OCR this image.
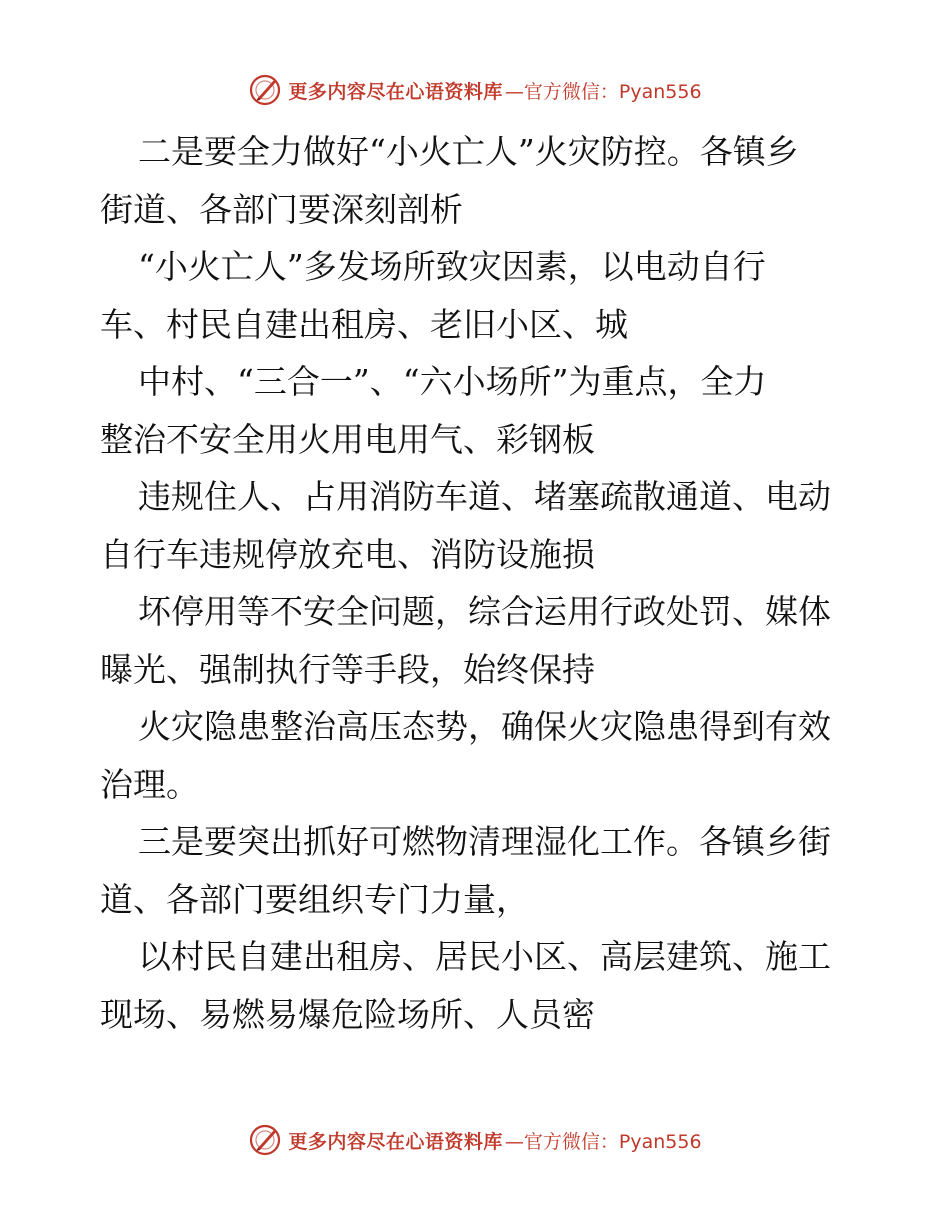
更多内容尽在心语资料库 —官方微信：Pyan556

二是要全力做好“小火亡人”火灾防控。各镇乡

街道、各部门要深刻剖析

“小火亡人”多发场所致灾因素，以电动自行

车、村民自建出租房、老旧小区、城

中村、“三合一”、“六小场所”为重点，全力

整治不安全用火用电用气、彩钢板

违规住人、占用消防车道、堵塞疏散通道、电动

自行车违规停放充电、消防设施损

坏停用等不安全问题，综合运用行政处罚、媒体

曝光、强制执行等手段，始终保持

火灾隐患整治高压态势，确保火灾隐患得到有效

治理。

三是要突出抓好可燃物清理湿化工作。各镇乡街

道、各部门要组织专门力量，

以村民自建出租房、居民小区、高层建筑、施工

现场、易燃易爆危险场所、人员密

更多内容尽在心语资料库 —官方微信：Pyan556
